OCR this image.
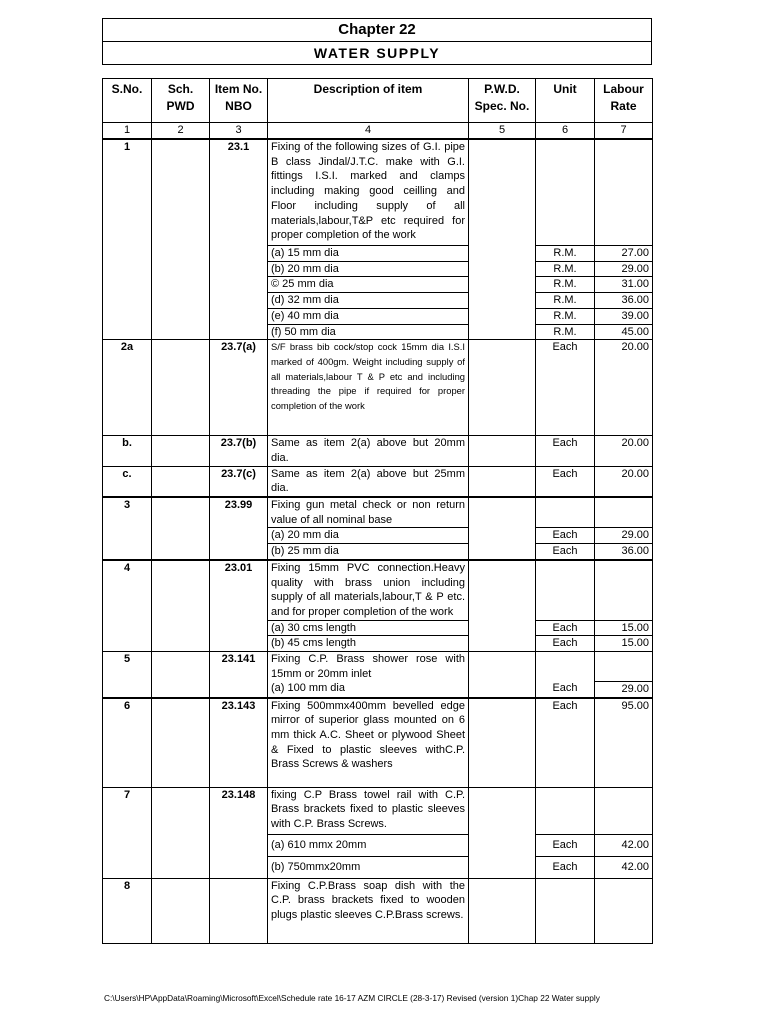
Chapter 22
WATER SUPPLY
S.No.	Sch. PWD	Item No. NBO	Description of item	P.W.D. Spec. No.	Unit	Labour Rate
1	2	3	4	5	6	7
1		23.1	Fixing of the following sizes of G.I. pipe B class Jindal/J.T.C. make with G.I. fittings I.S.I. marked and clamps including making good ceilling and Floor including supply of all materials,labour,T&P etc required for proper completion of the work			
			(a) 15 mm dia		R.M.	27.00
			(b) 20 mm dia		R.M.	29.00
			© 25 mm dia		R.M.	31.00
			(d) 32 mm dia		R.M.	36.00
			(e) 40 mm dia		R.M.	39.00
			(f) 50 mm dia		R.M.	45.00
2a		23.7(a)	S/F brass bib cock/stop cock 15mm dia I.S.I marked of 400gm. Weight including supply of all materials,labour T & P etc and including threading the pipe if required for proper completion of the work		Each	20.00
b.		23.7(b)	Same as item 2(a) above but 20mm dia.		Each	20.00
c.		23.7(c)	Same as item 2(a) above but 25mm dia.		Each	20.00
3		23.99	Fixing gun metal check or non return value of all nominal base			
			(a) 20 mm dia		Each	29.00
			(b) 25 mm dia		Each	36.00
4		23.01	Fixing 15mm PVC connection.Heavy quality with brass union including supply of all materials,labour,T & P etc. and for proper completion of the work			
			(a) 30 cms length		Each	15.00
			(b) 45 cms length		Each	15.00
5		23.141	Fixing C.P. Brass shower rose with 15mm or 20mm inlet			
			(a) 100 mm dia		Each	29.00
6		23.143	Fixing 500mmx400mm bevelled edge mirror of superior glass mounted on 6 mm thick A.C. Sheet or plywood Sheet & Fixed to plastic sleeves withC.P. Brass Screws & washers		Each	95.00
7		23.148	fixing C.P Brass towel rail with C.P. Brass brackets fixed to plastic sleeves with C.P. Brass Screws.			
			(a) 610 mmx 20mm		Each	42.00
			(b) 750mmx20mm		Each	42.00
8			Fixing C.P.Brass soap dish with the C.P. brass brackets fixed to wooden plugs plastic sleeves C.P.Brass screws.			
C:\Users\HP\AppData\Roaming\Microsoft\Excel\Schedule rate 16-17 AZM CIRCLE (28-3-17) Revised (version 1)Chap 22 Water supply
